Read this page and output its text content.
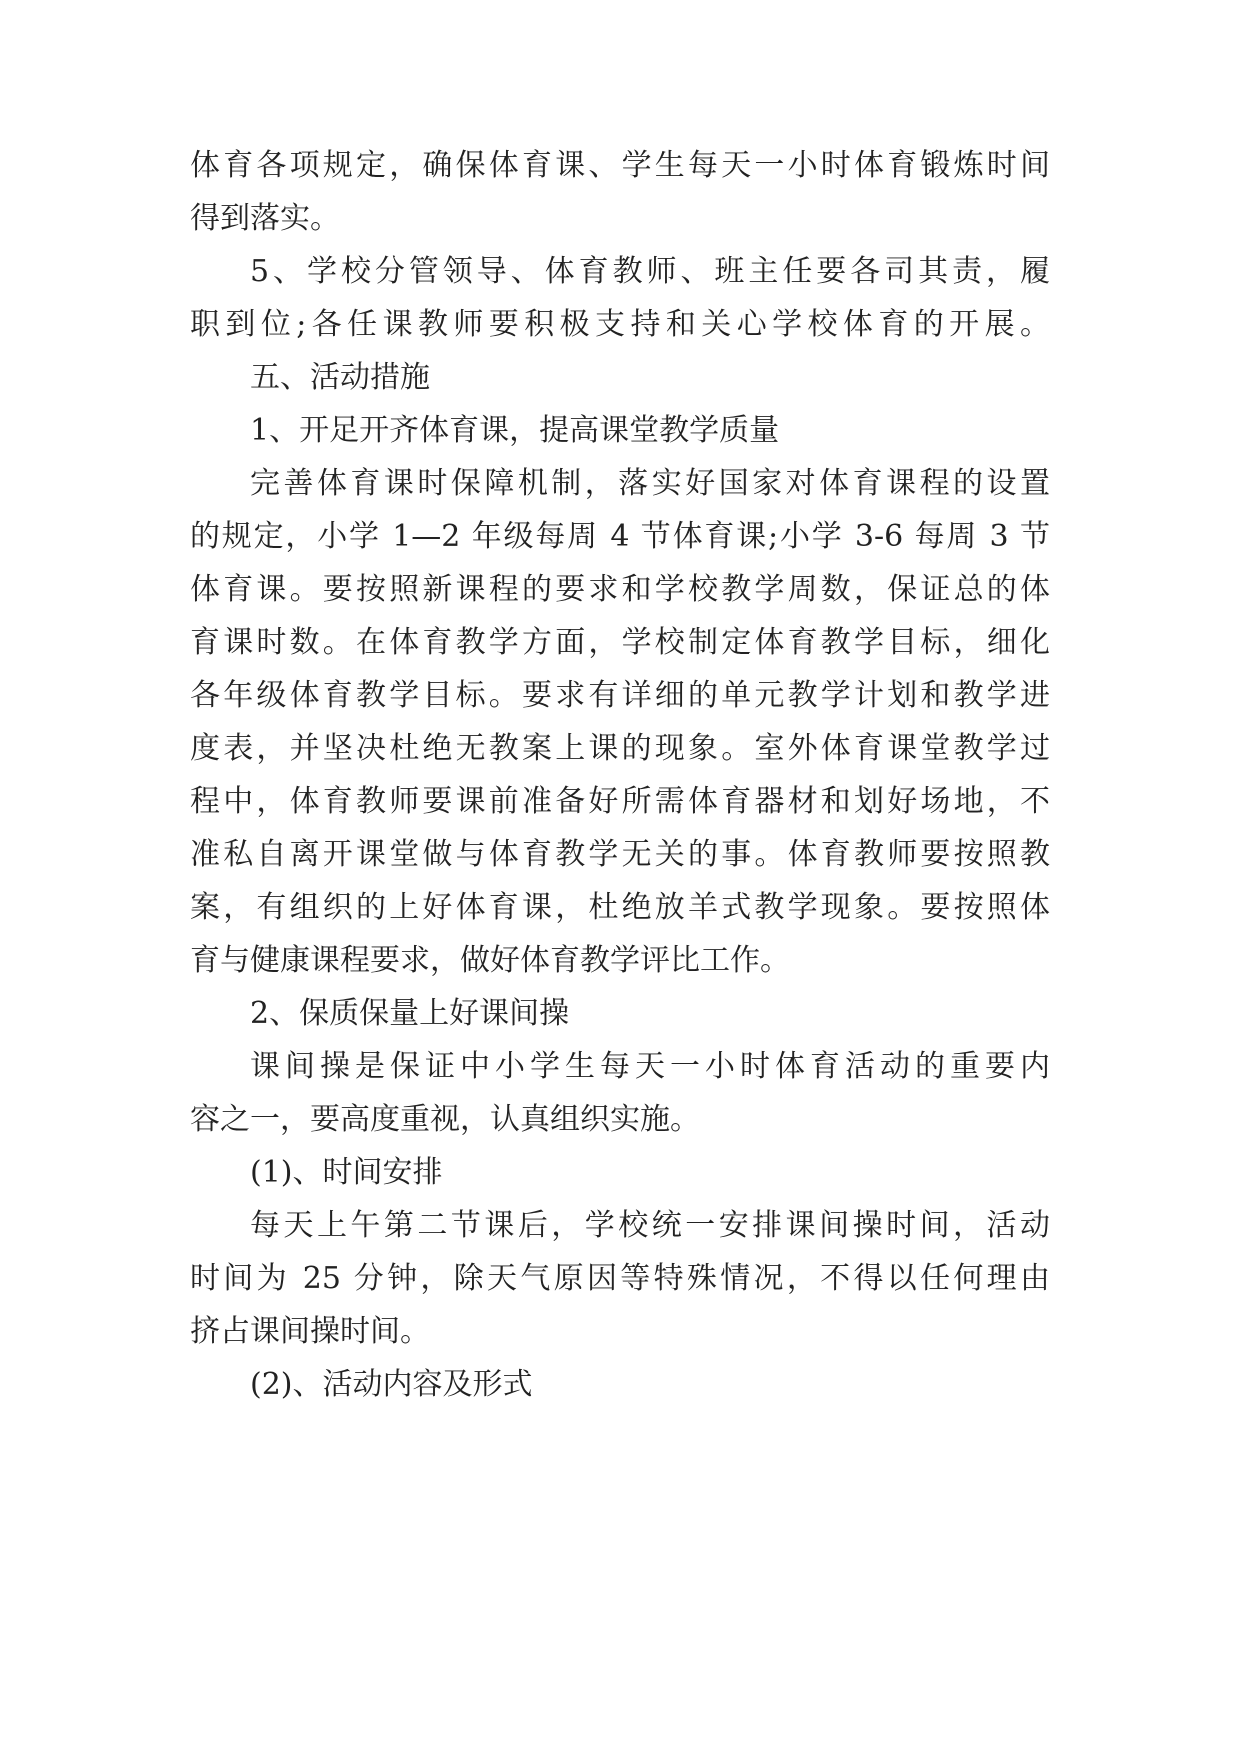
体育各项规定，确保体育课、学生每天一小时体育锻炼时间
得到落实。
5、学校分管领导、体育教师、班主任要各司其责，履
职到位;各任课教师要积极支持和关心学校体育的开展。
五、活动措施
1、开足开齐体育课，提高课堂教学质量
完善体育课时保障机制，落实好国家对体育课程的设置
的规定，小学 1—2 年级每周 4 节体育课;小学 3-6 每周 3 节
体育课。要按照新课程的要求和学校教学周数，保证总的体
育课时数。在体育教学方面，学校制定体育教学目标，细化
各年级体育教学目标。要求有详细的单元教学计划和教学进
度表，并坚决杜绝无教案上课的现象。室外体育课堂教学过
程中，体育教师要课前准备好所需体育器材和划好场地，不
准私自离开课堂做与体育教学无关的事。体育教师要按照教
案，有组织的上好体育课，杜绝放羊式教学现象。要按照体
育与健康课程要求，做好体育教学评比工作。
2、保质保量上好课间操
课间操是保证中小学生每天一小时体育活动的重要内
容之一，要高度重视，认真组织实施。
(1)、时间安排
每天上午第二节课后，学校统一安排课间操时间，活动
时间为 25 分钟，除天气原因等特殊情况，不得以任何理由
挤占课间操时间。
(2)、活动内容及形式
